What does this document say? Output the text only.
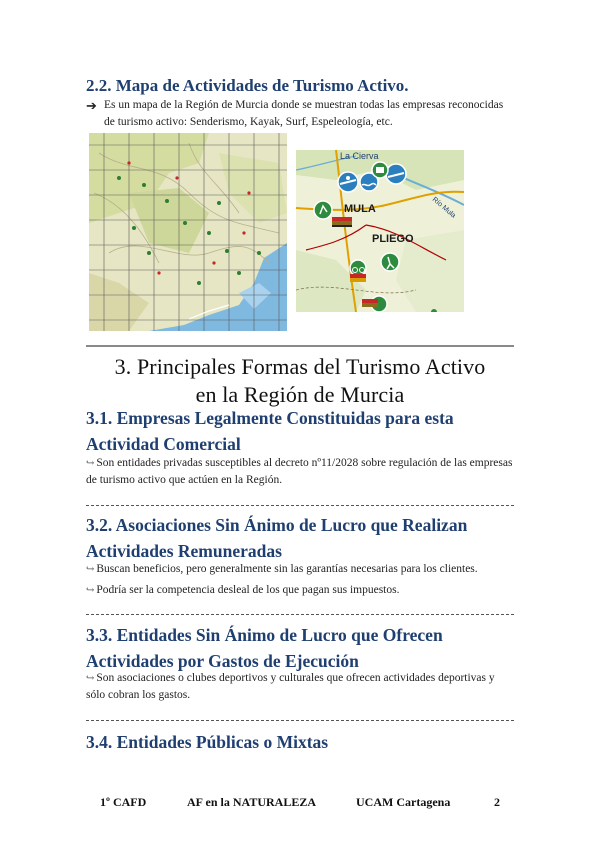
2.2. Mapa de Actividades de Turismo Activo.
➔ Es un mapa de la Región de Murcia donde se muestran todas las empresas reconocidas de turismo activo: Senderismo, Kayak, Surf, Espeleología, etc.
La Cierva
Río Mula
MULA
PLIEGO
3. Principales Formas del Turismo Activo
en la Región de Murcia
3.1. Empresas Legalmente Constituidas para esta
Actividad Comercial
↪ Son entidades privadas susceptibles al decreto nº11/2028 sobre regulación de las empresas de turismo activo que actúen en la Región.
3.2. Asociaciones Sin Ánimo de Lucro que Realizan
Actividades Remuneradas
↪ Buscan beneficios, pero generalmente sin las garantías necesarias para los clientes.
↪ Podría ser la competencia desleal de los que pagan sus impuestos.
3.3. Entidades Sin Ánimo de Lucro que Ofrecen
Actividades por Gastos de Ejecución
↪ Son asociaciones o clubes deportivos y culturales que ofrecen actividades deportivas y sólo cobran los gastos.
3.4. Entidades Públicas o Mixtas
1º CAFD	AF en la NATURALEZA	UCAM Cartagena	2
